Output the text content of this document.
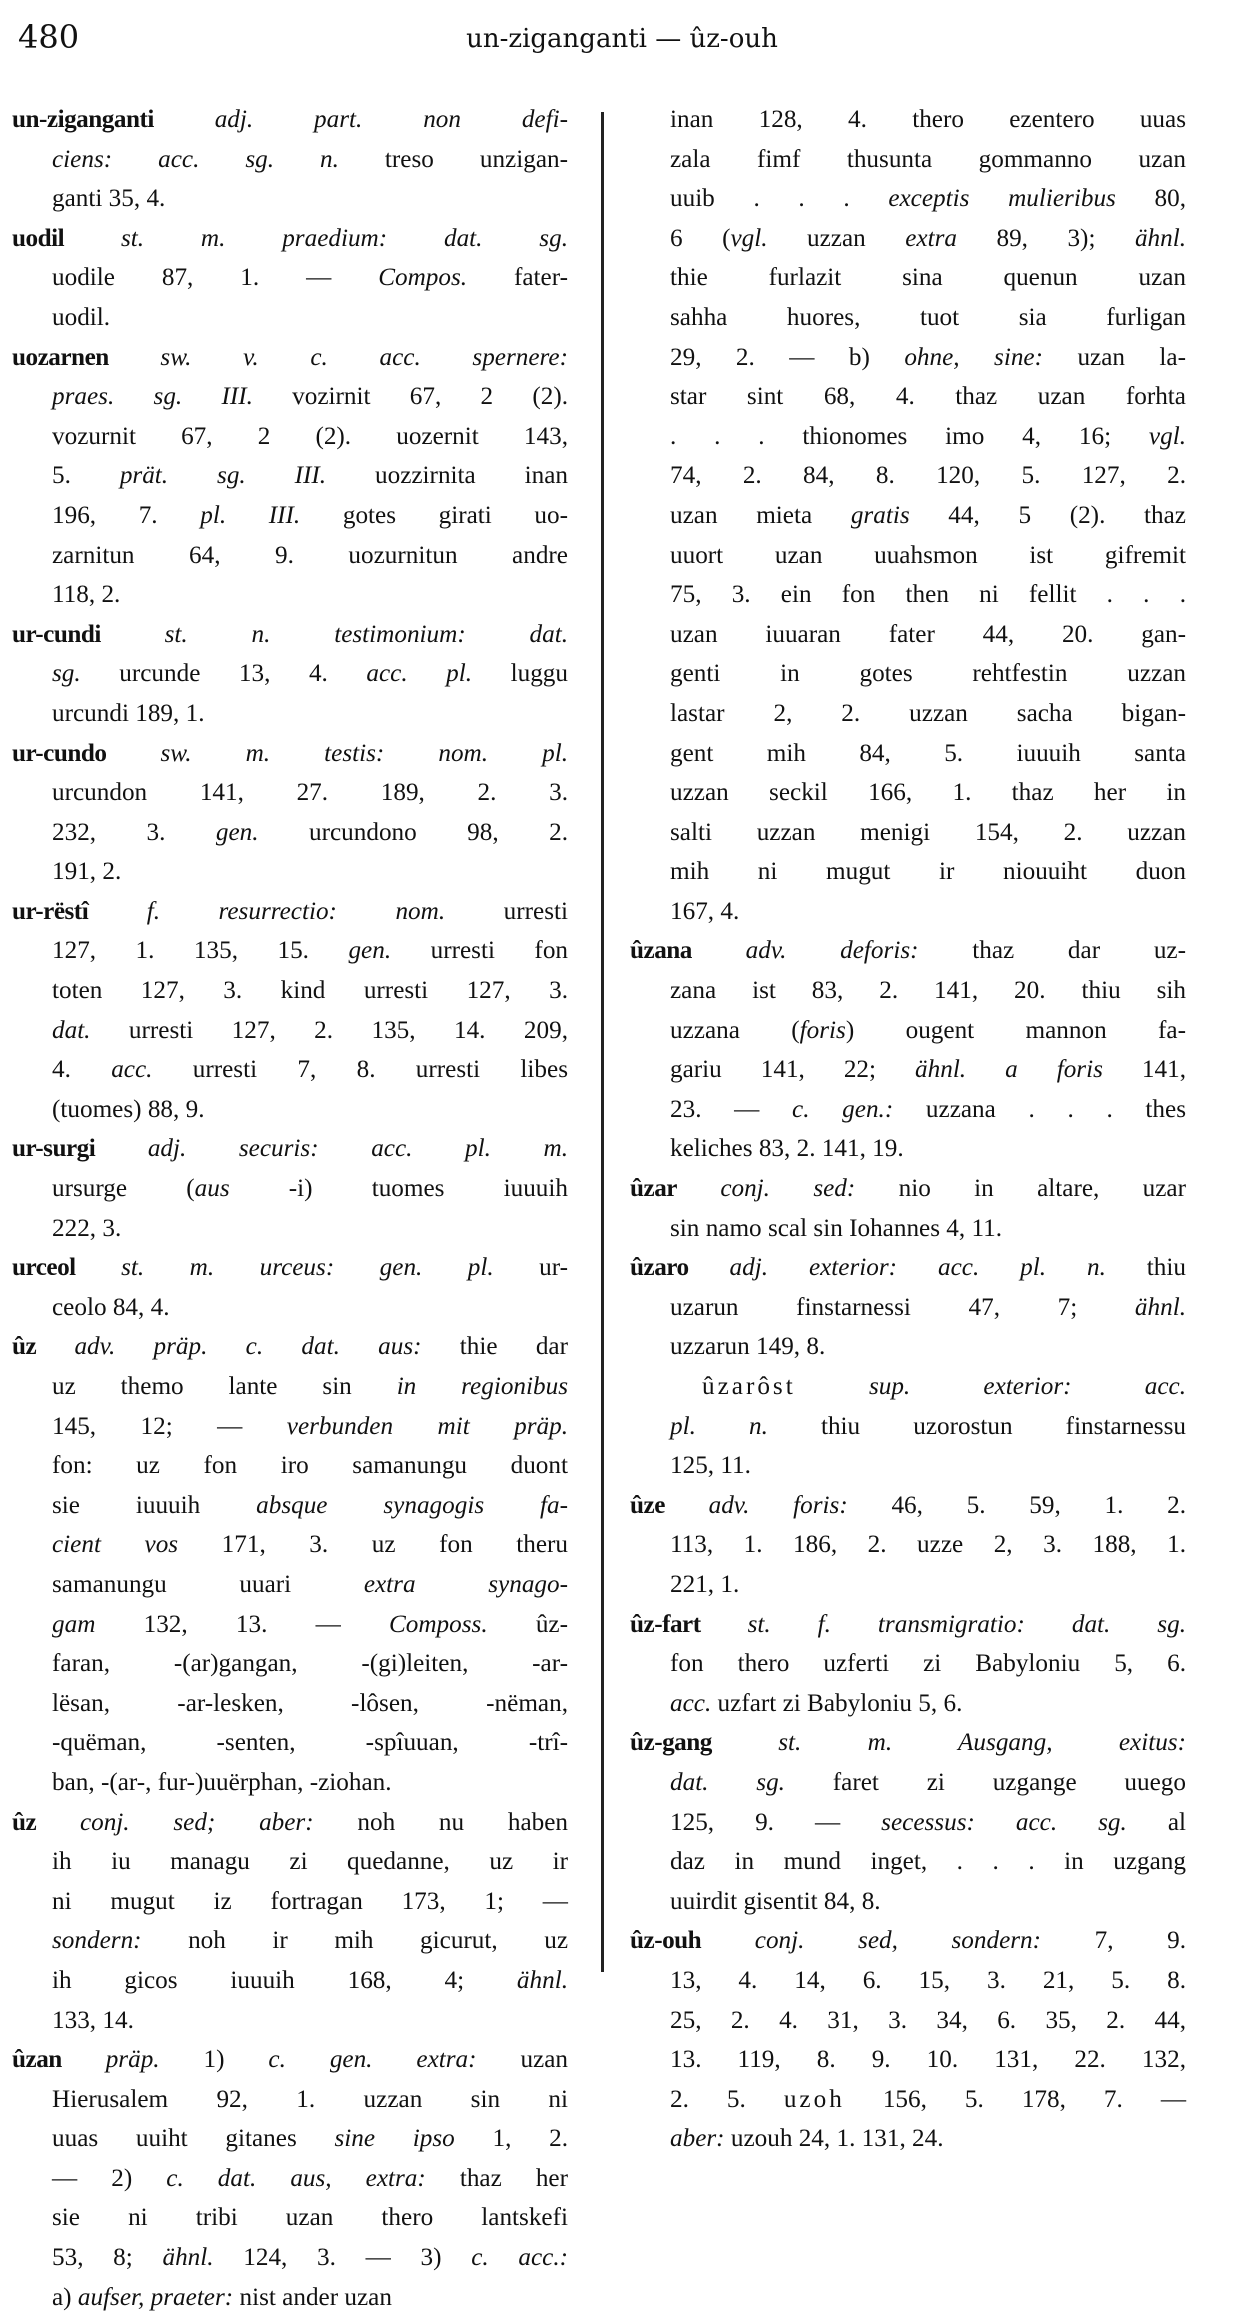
480	un-ziganganti — ûz-ouh
un-ziganganti adj. part. non defi-
ciens: acc. sg. n. treso unzigan-
ganti 35, 4.
uodil st. m. praedium: dat. sg.
uodile 87, 1. — Compos. fater-
uodil.
uozarnen sw. v. c. acc. spernere:
praes. sg. III. vozirnit 67, 2 (2).
vozurnit 67, 2 (2). uozernit 143,
5. prät. sg. III. uozzirnita inan
196, 7. pl. III. gotes girati uo-
zarnitun 64, 9. uozurnitun andre
118, 2.
ur-cundi st. n. testimonium: dat.
sg. urcunde 13, 4. acc. pl. luggu
urcundi 189, 1.
ur-cundo sw. m. testis: nom. pl.
urcundon 141, 27. 189, 2. 3.
232, 3. gen. urcundono 98, 2.
191, 2.
ur-rëstî f. resurrectio: nom. urresti
127, 1. 135, 15. gen. urresti fon
toten 127, 3. kind urresti 127, 3.
dat. urresti 127, 2. 135, 14. 209,
4. acc. urresti 7, 8. urresti libes
(tuomes) 88, 9.
ur-surgi adj. securis: acc. pl. m.
ursurge (aus -i) tuomes iuuuih
222, 3.
urceol st. m. urceus: gen. pl. ur-
ceolo 84, 4.
ûz adv. präp. c. dat. aus: thie dar
uz themo lante sin in regionibus
145, 12; — verbunden mit präp.
fon: uz fon iro samanungu duont
sie iuuuih absque synagogis fa-
cient vos 171, 3. uz fon theru
samanungu uuari extra synago-
gam 132, 13. — Composs. ûz-
faran, -(ar)gangan, -(gi)leiten, -ar-
lësan, -ar-lesken, -lôsen, -nëman,
-quëman, -senten, -spîuuan, -trî-
ban, -(ar-, fur-)uuërphan, -ziohan.
ûz conj. sed; aber: noh nu haben
ih iu managu zi quedanne, uz ir
ni mugut iz fortragan 173, 1; —
sondern: noh ir mih gicurut, uz
ih gicos iuuuih 168, 4; ähnl.
133, 14.
ûzan präp. 1) c. gen. extra: uzan
Hierusalem 92, 1. uzzan sin ni
uuas uuiht gitanes sine ipso 1, 2.
— 2) c. dat. aus, extra: thaz her
sie ni tribi uzan thero lantskefi
53, 8; ähnl. 124, 3. — 3) c. acc.:
a) aufser, praeter: nist ander uzan
inan 128, 4. thero ezentero uuas
zala fimf thusunta gommanno uzan
uuib . . . exceptis mulieribus 80,
6 (vgl. uzzan extra 89, 3); ähnl.
thie furlazit sina quenun uzan
sahha huores, tuot sia furligan
29, 2. — b) ohne, sine: uzan la-
star sint 68, 4. thaz uzan forhta
. . . thionomes imo 4, 16; vgl.
74, 2. 84, 8. 120, 5. 127, 2.
uzan mieta gratis 44, 5 (2). thaz
uuort uzan uuahsmon ist gifremit
75, 3. ein fon then ni fellit . . .
uzan iuuaran fater 44, 20. gan-
genti in gotes rehtfestin uzzan
lastar 2, 2. uzzan sacha bigan-
gent mih 84, 5. iuuuih santa
uzzan seckil 166, 1. thaz her in
salti uzzan menigi 154, 2. uzzan
mih ni mugut ir niouuiht duon
167, 4.
ûzana adv. deforis: thaz dar uz-
zana ist 83, 2. 141, 20. thiu sih
uzzana (foris) ougent mannon fa-
gariu 141, 22; ähnl. a foris 141,
23. — c. gen.: uzzana . . . thes
keliches 83, 2. 141, 19.
ûzar conj. sed: nio in altare, uzar
sin namo scal sin Iohannes 4, 11.
ûzaro adj. exterior: acc. pl. n. thiu
uzarun finstarnessi 47, 7; ähnl.
uzzarun 149, 8.
ûzarôst sup. exterior: acc.
pl. n. thiu uzorostun finstarnessu
125, 11.
ûze adv. foris: 46, 5. 59, 1. 2.
113, 1. 186, 2. uzze 2, 3. 188, 1.
221, 1.
ûz-fart st. f. transmigratio: dat. sg.
fon thero uzferti zi Babyloniu 5, 6.
acc. uzfart zi Babyloniu 5, 6.
ûz-gang st. m. Ausgang, exitus:
dat. sg. faret zi uzgange uuego
125, 9. — secessus: acc. sg. al
daz in mund inget, . . . in uzgang
uuirdit gisentit 84, 8.
ûz-ouh conj. sed, sondern: 7, 9.
13, 4. 14, 6. 15, 3. 21, 5. 8.
25, 2. 4. 31, 3. 34, 6. 35, 2. 44,
13. 119, 8. 9. 10. 131, 22. 132,
2. 5. uzoh 156, 5. 178, 7. —
aber: uzouh 24, 1. 131, 24.
